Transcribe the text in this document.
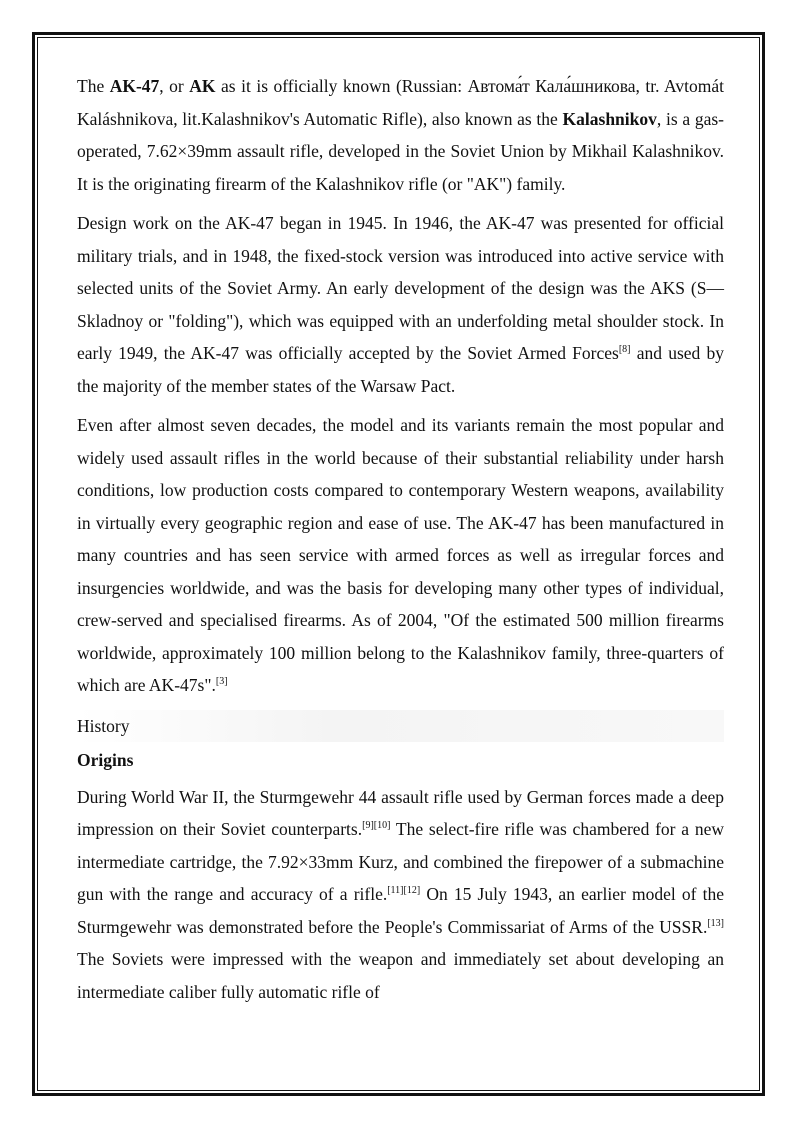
The AK-47, or AK as it is officially known (Russian: Автома́т Кала́шникова, tr. Avtomát Kaláshnikova, lit.Kalashnikov's Automatic Rifle), also known as the Kalashnikov, is a gas-operated, 7.62×39mm assault rifle, developed in the Soviet Union by Mikhail Kalashnikov. It is the originating firearm of the Kalashnikov rifle (or "AK") family.

Design work on the AK-47 began in 1945. In 1946, the AK-47 was presented for official military trials, and in 1948, the fixed-stock version was introduced into active service with selected units of the Soviet Army. An early development of the design was the AKS (S—Skladnoy or "folding"), which was equipped with an underfolding metal shoulder stock. In early 1949, the AK-47 was officially accepted by the Soviet Armed Forces[8] and used by the majority of the member states of the Warsaw Pact.

Even after almost seven decades, the model and its variants remain the most popular and widely used assault rifles in the world because of their substantial reliability under harsh conditions, low production costs compared to contemporary Western weapons, availability in virtually every geographic region and ease of use. The AK-47 has been manufactured in many countries and has seen service with armed forces as well as irregular forces and insurgencies worldwide, and was the basis for developing many other types of individual, crew-served and specialised firearms. As of 2004, "Of the estimated 500 million firearms worldwide, approximately 100 million belong to the Kalashnikov family, three-quarters of which are AK-47s".[3]

History
Origins

During World War II, the Sturmgewehr 44 assault rifle used by German forces made a deep impression on their Soviet counterparts.[9][10] The select-fire rifle was chambered for a new intermediate cartridge, the 7.92×33mm Kurz, and combined the firepower of a submachine gun with the range and accuracy of a rifle.[11][12] On 15 July 1943, an earlier model of the Sturmgewehr was demonstrated before the People's Commissariat of Arms of the USSR.[13] The Soviets were impressed with the weapon and immediately set about developing an intermediate caliber fully automatic rifle of
